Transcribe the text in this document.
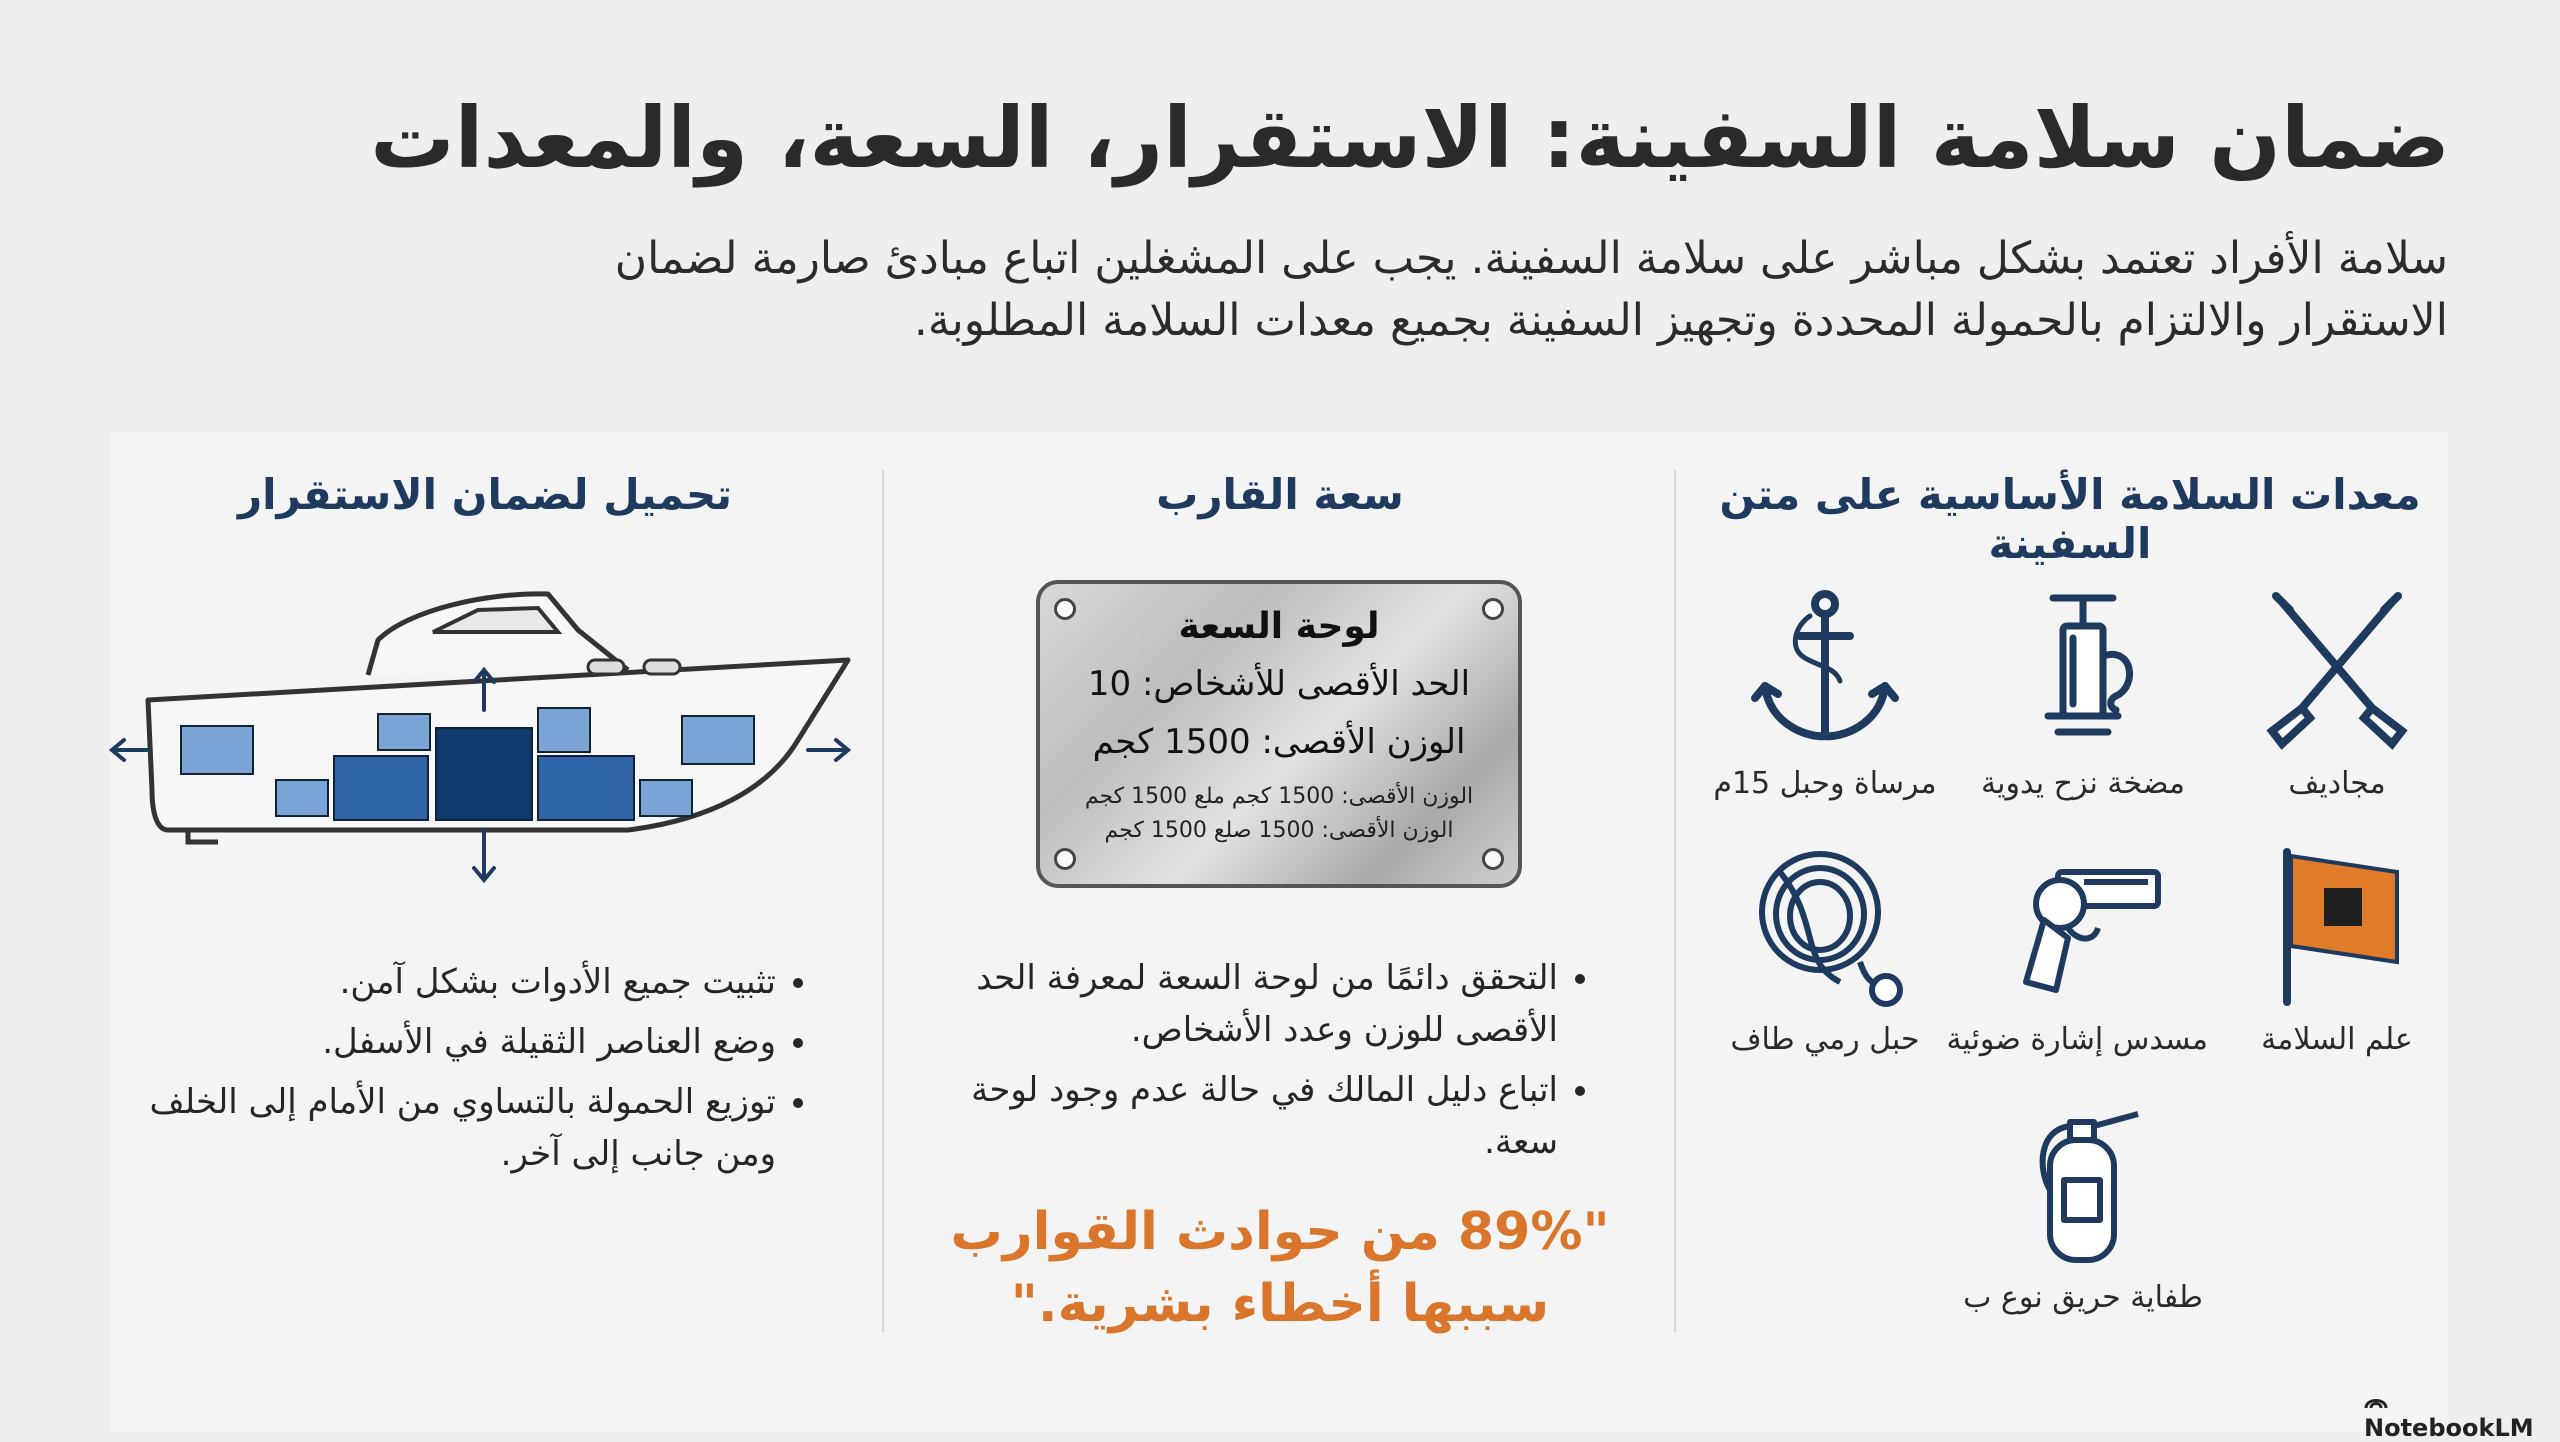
ضمان سلامة السفينة: الاستقرار، السعة، والمعدات

سلامة الأفراد تعتمد بشكل مباشر على سلامة السفينة. يجب على المشغلين اتباع مبادئ صارمة لضمان الاستقرار والالتزام بالحمولة المحددة وتجهيز السفينة بجميع معدات السلامة المطلوبة.

معدات السلامة الأساسية على متن السفينة
مجاديف
مضخة نزح يدوية
مرساة وحبل 15م
علم السلامة
مسدس إشارة ضوئية
حبل رمي طاف
طفاية حريق نوع ب
سعة القارب
لوحة السعة
الحد الأقصى للأشخاص: 10
الوزن الأقصى: 1500 كجم
الوزن الأقصى: 1500 كجم ملع 1500 كجم
الوزن الأقصى: 1500 صلع 1500 كجم
• التحقق دائمًا من لوحة السعة لمعرفة الحد الأقصى للوزن وعدد الأشخاص.
• اتباع دليل المالك في حالة عدم وجود لوحة سعة.

"89% من حوادث القوارب سببها أخطاء بشرية."

تحميل لضمان الاستقرار
• تثبيت جميع الأدوات بشكل آمن.
• وضع العناصر الثقيلة في الأسفل.
• توزيع الحمولة بالتساوي من الأمام إلى الخلف ومن جانب إلى آخر.
NotebookLM
